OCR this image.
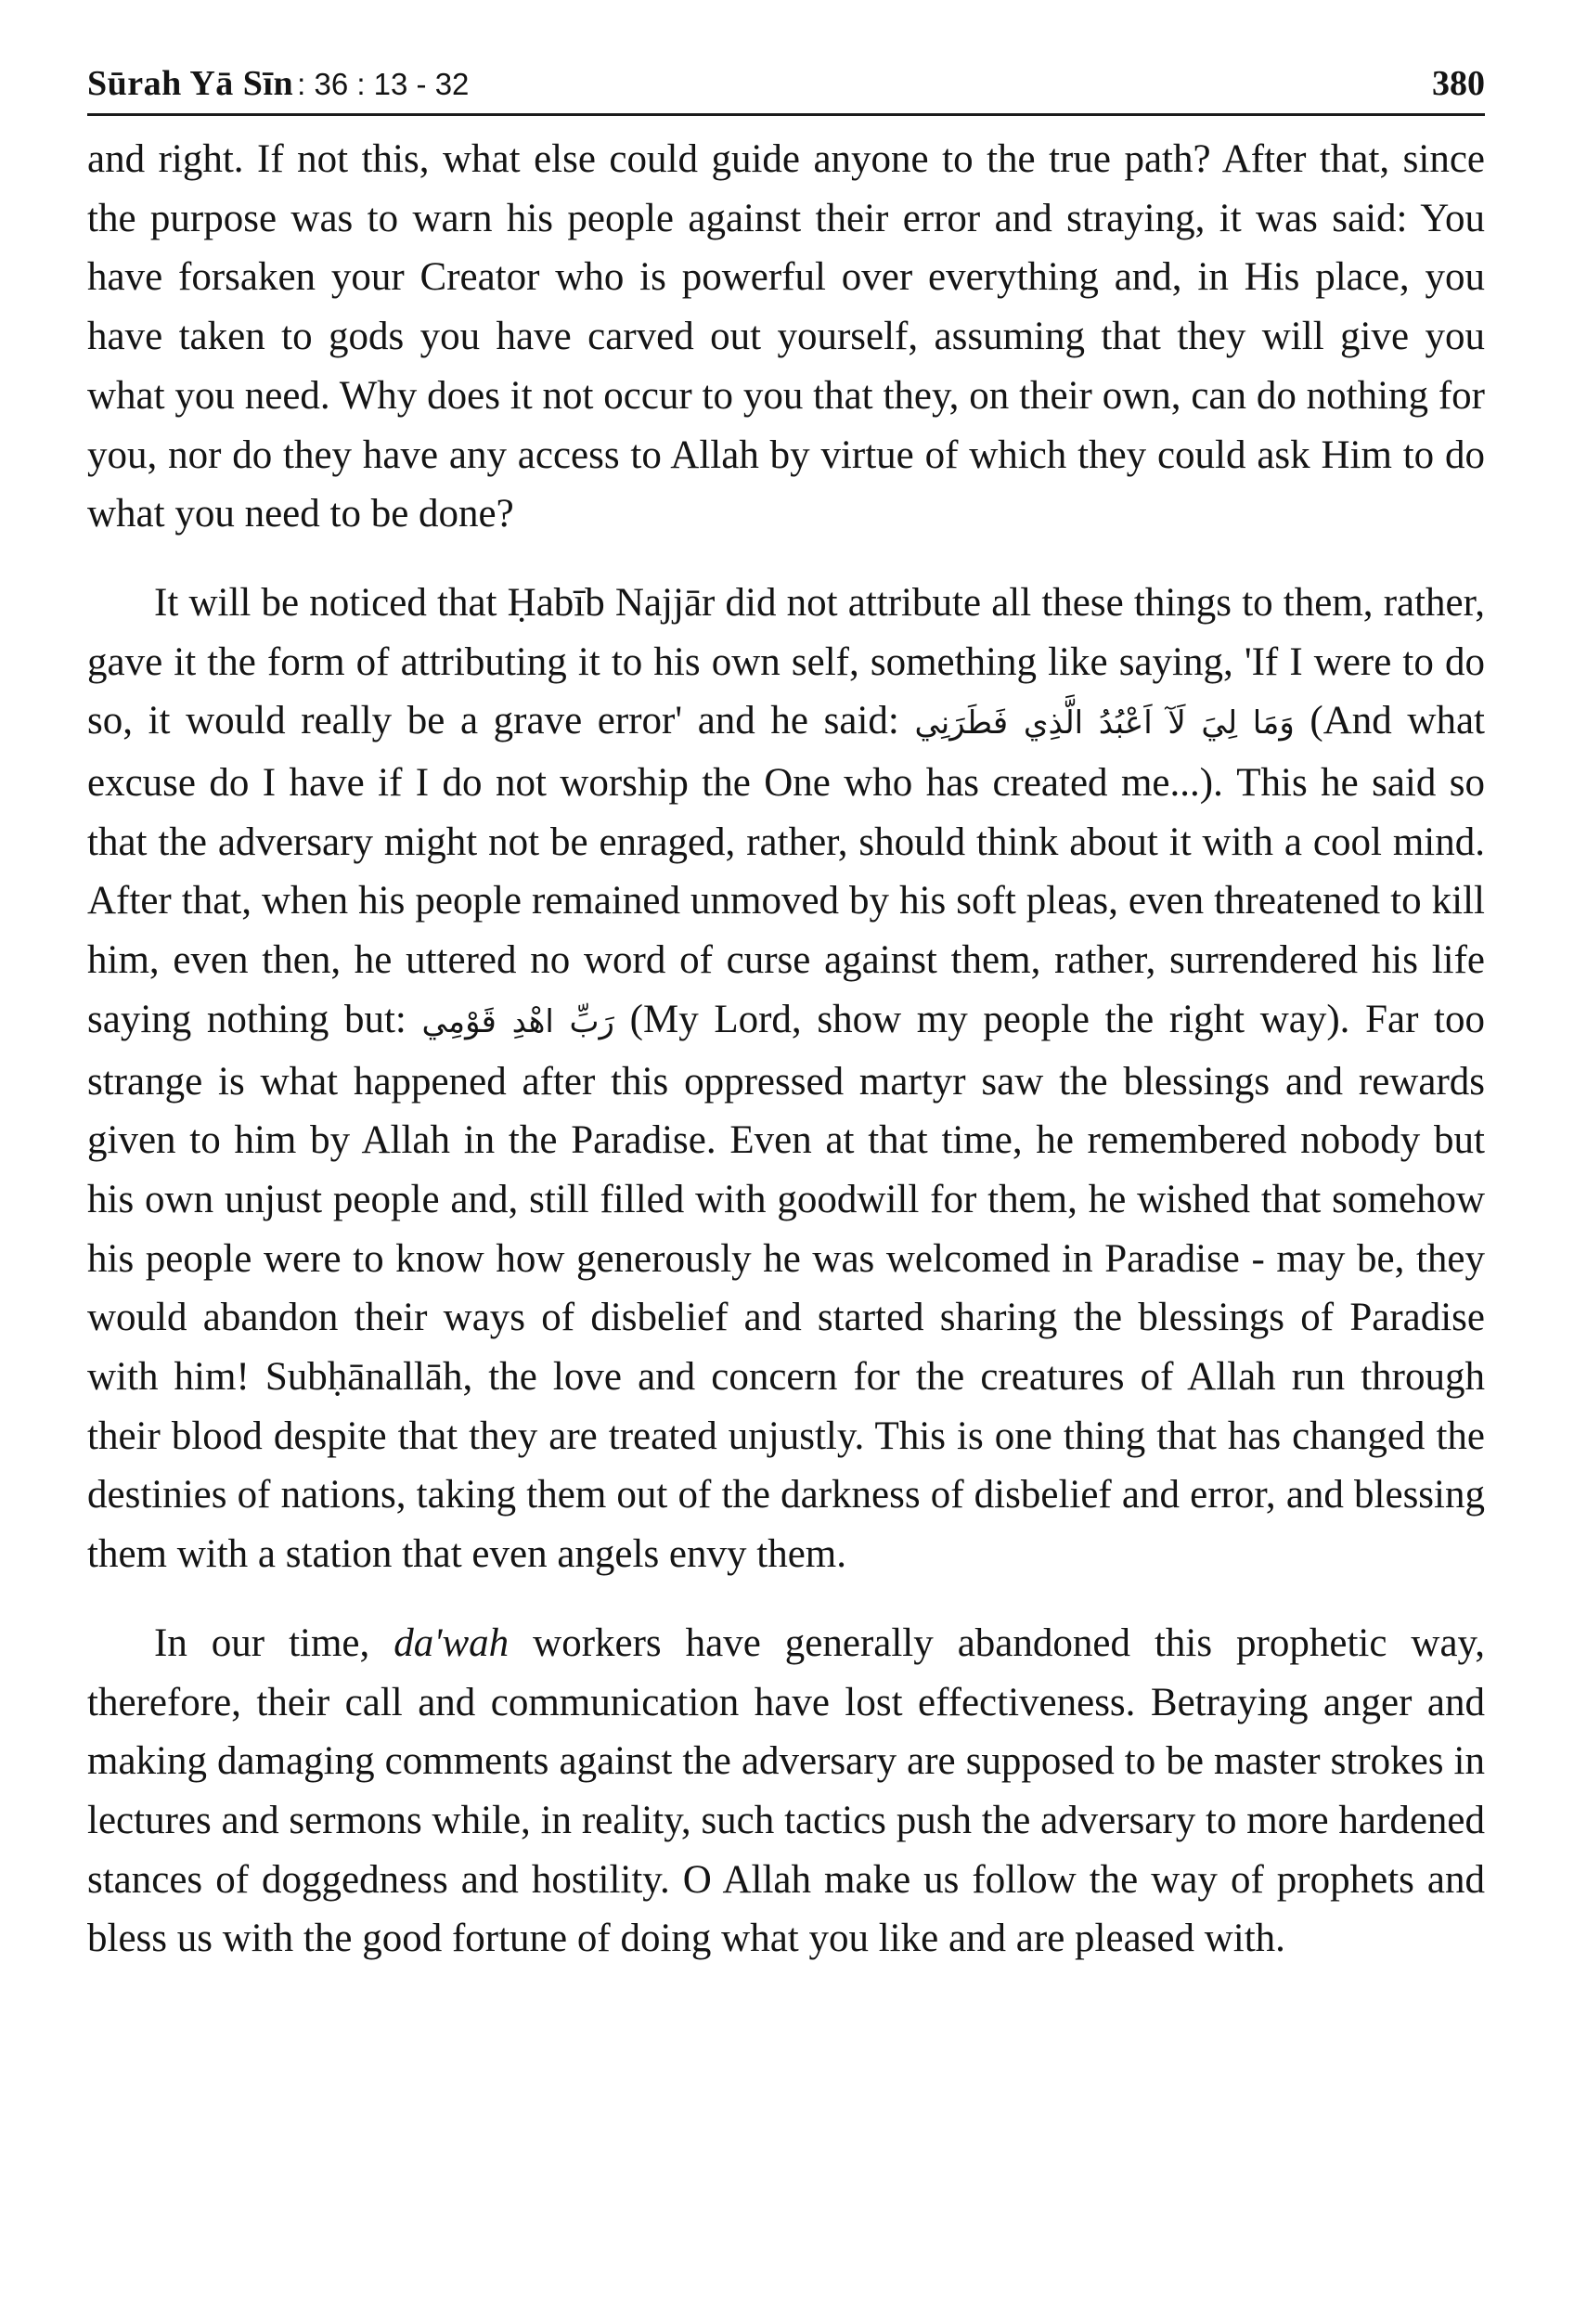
Sūrah Yā Sīn : 36 : 13 - 32	380

and right. If not this, what else could guide anyone to the true path? After that, since the purpose was to warn his people against their error and straying, it was said: You have forsaken your Creator who is powerful over everything and, in His place, you have taken to gods you have carved out yourself, assuming that they will give you what you need. Why does it not occur to you that they, on their own, can do nothing for you, nor do they have any access to Allah by virtue of which they could ask Him to do what you need to be done?

It will be noticed that Ḥabīb Najjār did not attribute all these things to them, rather, gave it the form of attributing it to his own self, something like saying, 'If I were to do so, it would really be a grave error' and he said: وَمَا لِيَ لَآ اَعْبُدُ الَّذِي فَطَرَنِي (And what excuse do I have if I do not worship the One who has created me...). This he said so that the adversary might not be enraged, rather, should think about it with a cool mind. After that, when his people remained unmoved by his soft pleas, even threatened to kill him, even then, he uttered no word of curse against them, rather, surrendered his life saying nothing but: رَبِّ اهْدِ قَوْمِي (My Lord, show my people the right way). Far too strange is what happened after this oppressed martyr saw the blessings and rewards given to him by Allah in the Paradise. Even at that time, he remembered nobody but his own unjust people and, still filled with goodwill for them, he wished that somehow his people were to know how generously he was welcomed in Paradise - may be, they would abandon their ways of disbelief and started sharing the blessings of Paradise with him! Subḥānallāh, the love and concern for the creatures of Allah run through their blood despite that they are treated unjustly. This is one thing that has changed the destinies of nations, taking them out of the darkness of disbelief and error, and blessing them with a station that even angels envy them.

In our time, da'wah workers have generally abandoned this prophetic way, therefore, their call and communication have lost effectiveness. Betraying anger and making damaging comments against the adversary are supposed to be master strokes in lectures and sermons while, in reality, such tactics push the adversary to more hardened stances of doggedness and hostility. O Allah make us follow the way of prophets and bless us with the good fortune of doing what you like and are pleased with.
